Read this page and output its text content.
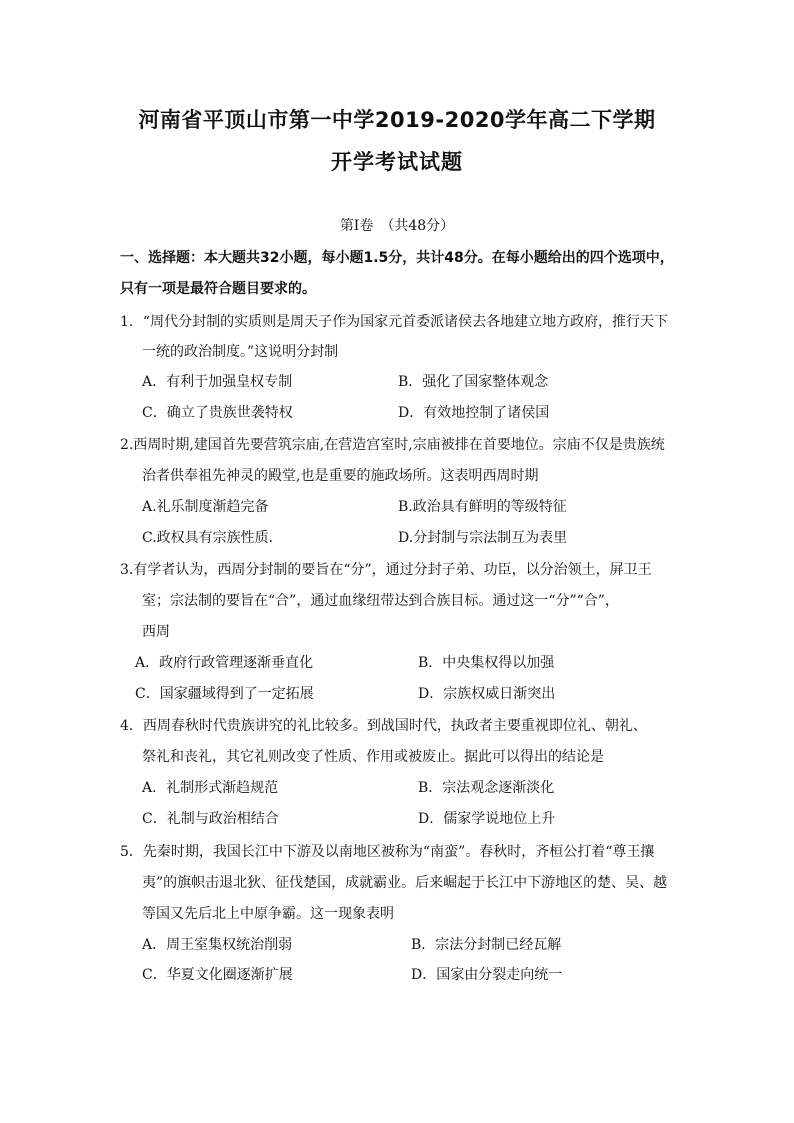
河南省平顶山市第一中学2019-2020学年高二下学期
开学考试试题
第Ⅰ卷　（共48分）
一、选择题：本大题共32小题，每小题1.5分，共计48分。在每小题给出的四个选项中，
只有一项是最符合题目要求的。
1．“周代分封制的实质则是周天子作为国家元首委派诸侯去各地建立地方政府，推行天下
一统的政治制度。”这说明分封制
A．有利于加强皇权专制	B．强化了国家整体观念
C．确立了贵族世袭特权	D．有效地控制了诸侯国
2.西周时期,建国首先要营筑宗庙,在营造宫室时,宗庙被排在首要地位。宗庙不仅是贵族统
治者供奉祖先神灵的殿堂,也是重要的施政场所。这表明西周时期
A.礼乐制度渐趋完备	B.政治具有鲜明的等级特征
C.政权具有宗族性质.	D.分封制与宗法制互为表里
3.有学者认为，西周分封制的要旨在“分”，通过分封子弟、功臣，以分治领土，屏卫王
室；宗法制的要旨在“合”，通过血缘纽带达到合族目标。通过这一“分”“合”，
西周
A．政府行政管理逐渐垂直化	B．中央集权得以加强
C．国家疆域得到了一定拓展	D．宗族权威日渐突出
4．西周春秋时代贵族讲究的礼比较多。到战国时代，执政者主要重视即位礼、朝礼、
祭礼和丧礼，其它礼则改变了性质、作用或被废止。据此可以得出的结论是
A．礼制形式渐趋规范	B．宗法观念逐渐淡化
C．礼制与政治相结合	D．儒家学说地位上升
5．先秦时期，我国长江中下游及以南地区被称为“南蛮”。春秋时，齐桓公打着“尊王攘
夷”的旗帜击退北狄、征伐楚国，成就霸业。后来崛起于长江中下游地区的楚、吴、越
等国又先后北上中原争霸。这一现象表明
A．周王室集权统治削弱	B．宗法分封制已经瓦解
C．华夏文化圈逐渐扩展	D．国家由分裂走向统一
